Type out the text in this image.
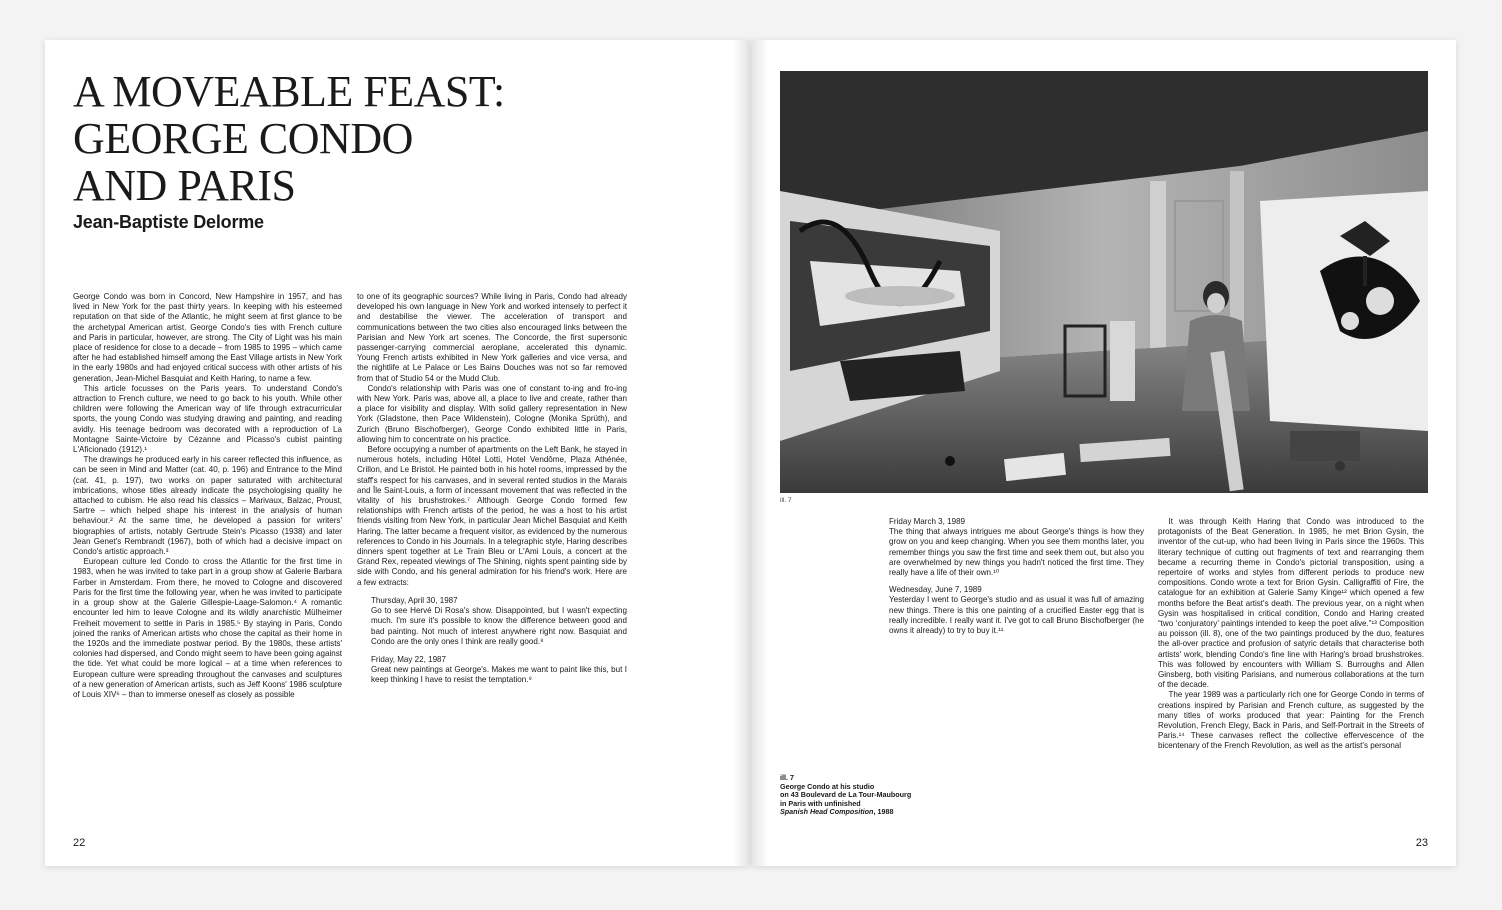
A MOVEABLE FEAST:
GEORGE CONDO
AND PARIS
Jean-Baptiste Delorme

George Condo was born in Concord, New Hampshire in 1957, and has lived in New York for the past thirty years. In keeping with his esteemed reputation on that side of the Atlantic, he might seem at first glance to be the archetypal American artist. George Condo's ties with French culture and Paris in particular, however, are strong. The City of Light was his main place of residence for close to a decade – from 1985 to 1995 – which came after he had established himself among the East Village artists in New York in the early 1980s and had enjoyed critical success with other artists of his generation, Jean-Michel Basquiat and Keith Haring, to name a few.

This article focusses on the Paris years. To understand Condo's attraction to French culture, we need to go back to his youth. While other children were following the American way of life through extracurricular sports, the young Condo was studying drawing and painting, and reading avidly. His teenage bedroom was decorated with a reproduction of La Montagne Sainte-Victoire by Cézanne and Picasso's cubist painting L'Aficionado (1912).¹

The drawings he produced early in his career reflected this influence, as can be seen in Mind and Matter (cat. 40, p. 196) and Entrance to the Mind (cat. 41, p. 197), two works on paper saturated with architectural imbrications, whose titles already indicate the psychologising quality he attached to cubism. He also read his classics – Marivaux, Balzac, Proust, Sartre – which helped shape his interest in the analysis of human behaviour.² At the same time, he developed a passion for writers' biographies of artists, notably Gertrude Stein's Picasso (1938) and later Jean Genet's Rembrandt (1967), both of which had a decisive impact on Condo's artistic approach.³

European culture led Condo to cross the Atlantic for the first time in 1983, when he was invited to take part in a group show at Galerie Barbara Farber in Amsterdam. From there, he moved to Cologne and discovered Paris for the first time the following year, when he was invited to participate in a group show at the Galerie Gillespie-Laage-Salomon.⁴ A romantic encounter led him to leave Cologne and its wildly anarchistic Mülheimer Freiheit movement to settle in Paris in 1985.⁵ By staying in Paris, Condo joined the ranks of American artists who chose the capital as their home in the 1920s and the immediate postwar period. By the 1980s, these artists' colonies had dispersed, and Condo might seem to have been going against the tide. Yet what could be more logical – at a time when references to European culture were spreading throughout the canvases and sculptures of a new generation of American artists, such as Jeff Koons' 1986 sculpture of Louis XIV⁶ – than to immerse oneself as closely as possible

to one of its geographic sources? While living in Paris, Condo had already developed his own language in New York and worked intensely to perfect it and destabilise the viewer. The acceleration of transport and communications between the two cities also encouraged links between the Parisian and New York art scenes. The Concorde, the first supersonic passenger-carrying commercial aeroplane, accelerated this dynamic. Young French artists exhibited in New York galleries and vice versa, and the nightlife at Le Palace or Les Bains Douches was not so far removed from that of Studio 54 or the Mudd Club.

Condo's relationship with Paris was one of constant to-ing and fro-ing with New York. Paris was, above all, a place to live and create, rather than a place for visibility and display. With solid gallery representation in New York (Gladstone, then Pace Wildenstein), Cologne (Monika Sprüth), and Zurich (Bruno Bischofberger), George Condo exhibited little in Paris, allowing him to concentrate on his practice.

Before occupying a number of apartments on the Left Bank, he stayed in numerous hotels, including Hôtel Lotti, Hotel Vendôme, Plaza Athénée, Crillon, and Le Bristol. He painted both in his hotel rooms, impressed by the staff's respect for his canvases, and in several rented studios in the Marais and Île Saint-Louis, a form of incessant movement that was reflected in the vitality of his brushstrokes.⁷ Although George Condo formed few relationships with French artists of the period, he was a host to his artist friends visiting from New York, in particular Jean Michel Basquiat and Keith Haring. The latter became a frequent visitor, as evidenced by the numerous references to Condo in his Journals. In a telegraphic style, Haring describes dinners spent together at Le Train Bleu or L'Ami Louis, a concert at the Grand Rex, repeated viewings of The Shining, nights spent painting side by side with Condo, and his general admiration for his friend's work. Here are a few extracts:

Thursday, April 30, 1987

Go to see Hervé Di Rosa's show. Disappointed, but I wasn't expecting much. I'm sure it's possible to know the difference between good and bad painting. Not much of interest anywhere right now. Basquiat and Condo are the only ones I think are really good.⁸

Friday, May 22, 1987

Great new paintings at George's. Makes me want to paint like this, but I keep thinking I have to resist the temptation.⁹

22
ill. 7

Friday March 3, 1989

The thing that always intrigues me about George's things is how they grow on you and keep changing. When you see them months later, you remember things you saw the first time and seek them out, but also you are overwhelmed by new things you hadn't noticed the first time. They really have a life of their own.¹⁰

Wednesday, June 7, 1989

Yesterday I went to George's studio and as usual it was full of amazing new things. There is this one painting of a crucified Easter egg that is really incredible. I really want it. I've got to call Bruno Bischofberger (he owns it already) to try to buy it.¹¹

It was through Keith Haring that Condo was introduced to the protagonists of the Beat Generation. In 1985, he met Brion Gysin, the inventor of the cut-up, who had been living in Paris since the 1960s. This literary technique of cutting out fragments of text and rearranging them became a recurring theme in Condo's pictorial transposition, using a repertoire of works and styles from different periods to produce new compositions. Condo wrote a text for Brion Gysin. Calligraffiti of Fire, the catalogue for an exhibition at Galerie Samy Kinge¹² which opened a few months before the Beat artist's death. The previous year, on a night when Gysin was hospitalised in critical condition, Condo and Haring created “two ‘conjuratory’ paintings intended to keep the poet alive.”¹³ Composition au poisson (ill. 8), one of the two paintings produced by the duo, features the all-over practice and profusion of satyric details that characterise both artists' work, blending Condo's fine line with Haring's broad brushstrokes. This was followed by encounters with William S. Burroughs and Allen Ginsberg, both visiting Parisians, and numerous collaborations at the turn of the decade.

The year 1989 was a particularly rich one for George Condo in terms of creations inspired by Parisian and French culture, as suggested by the many titles of works produced that year: Painting for the French Revolution, French Elegy, Back in Paris, and Self-Portrait in the Streets of Paris.¹⁴ These canvases reflect the collective effervescence of the bicentenary of the French Revolution, as well as the artist's personal

ill. 7
George Condo at his studio
on 43 Boulevard de La Tour-Maubourg
in Paris with unfinished
Spanish Head Composition, 1988
23
